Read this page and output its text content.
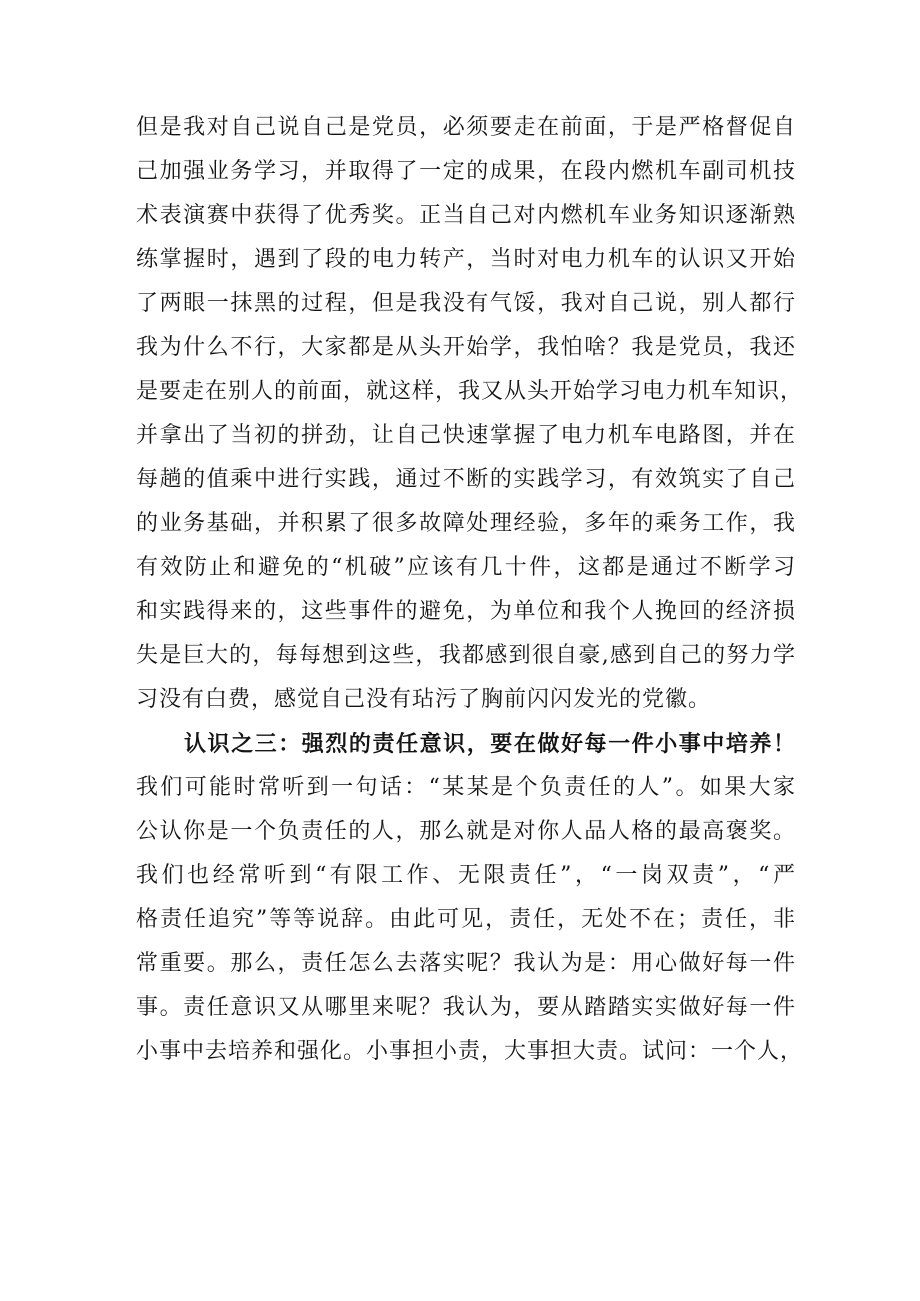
但是我对自己说自己是党员，必须要走在前面，于是严格督促自
己加强业务学习，并取得了一定的成果，在段内燃机车副司机技
术表演赛中获得了优秀奖。正当自己对内燃机车业务知识逐渐熟
练掌握时，遇到了段的电力转产，当时对电力机车的认识又开始
了两眼一抹黑的过程，但是我没有气馁，我对自己说，别人都行
我为什么不行，大家都是从头开始学，我怕啥？我是党员，我还
是要走在别人的前面，就这样，我又从头开始学习电力机车知识，
并拿出了当初的拼劲，让自己快速掌握了电力机车电路图，并在
每趟的值乘中进行实践，通过不断的实践学习，有效筑实了自己
的业务基础，并积累了很多故障处理经验，多年的乘务工作，我
有效防止和避免的“机破”应该有几十件，这都是通过不断学习
和实践得来的，这些事件的避免，为单位和我个人挽回的经济损
失是巨大的，每每想到这些，我都感到很自豪,感到自己的努力学
习没有白费，感觉自己没有玷污了胸前闪闪发光的党徽。
认识之三：强烈的责任意识，要在做好每一件小事中培养！
我们可能时常听到一句话：“某某是个负责任的人”。如果大家
公认你是一个负责任的人，那么就是对你人品人格的最高褒奖。
我们也经常听到“有限工作、无限责任”，“一岗双责”，“严
格责任追究”等等说辞。由此可见，责任，无处不在；责任，非
常重要。那么，责任怎么去落实呢？我认为是：用心做好每一件
事。责任意识又从哪里来呢？我认为，要从踏踏实实做好每一件
小事中去培养和强化。小事担小责，大事担大责。试问：一个人，
